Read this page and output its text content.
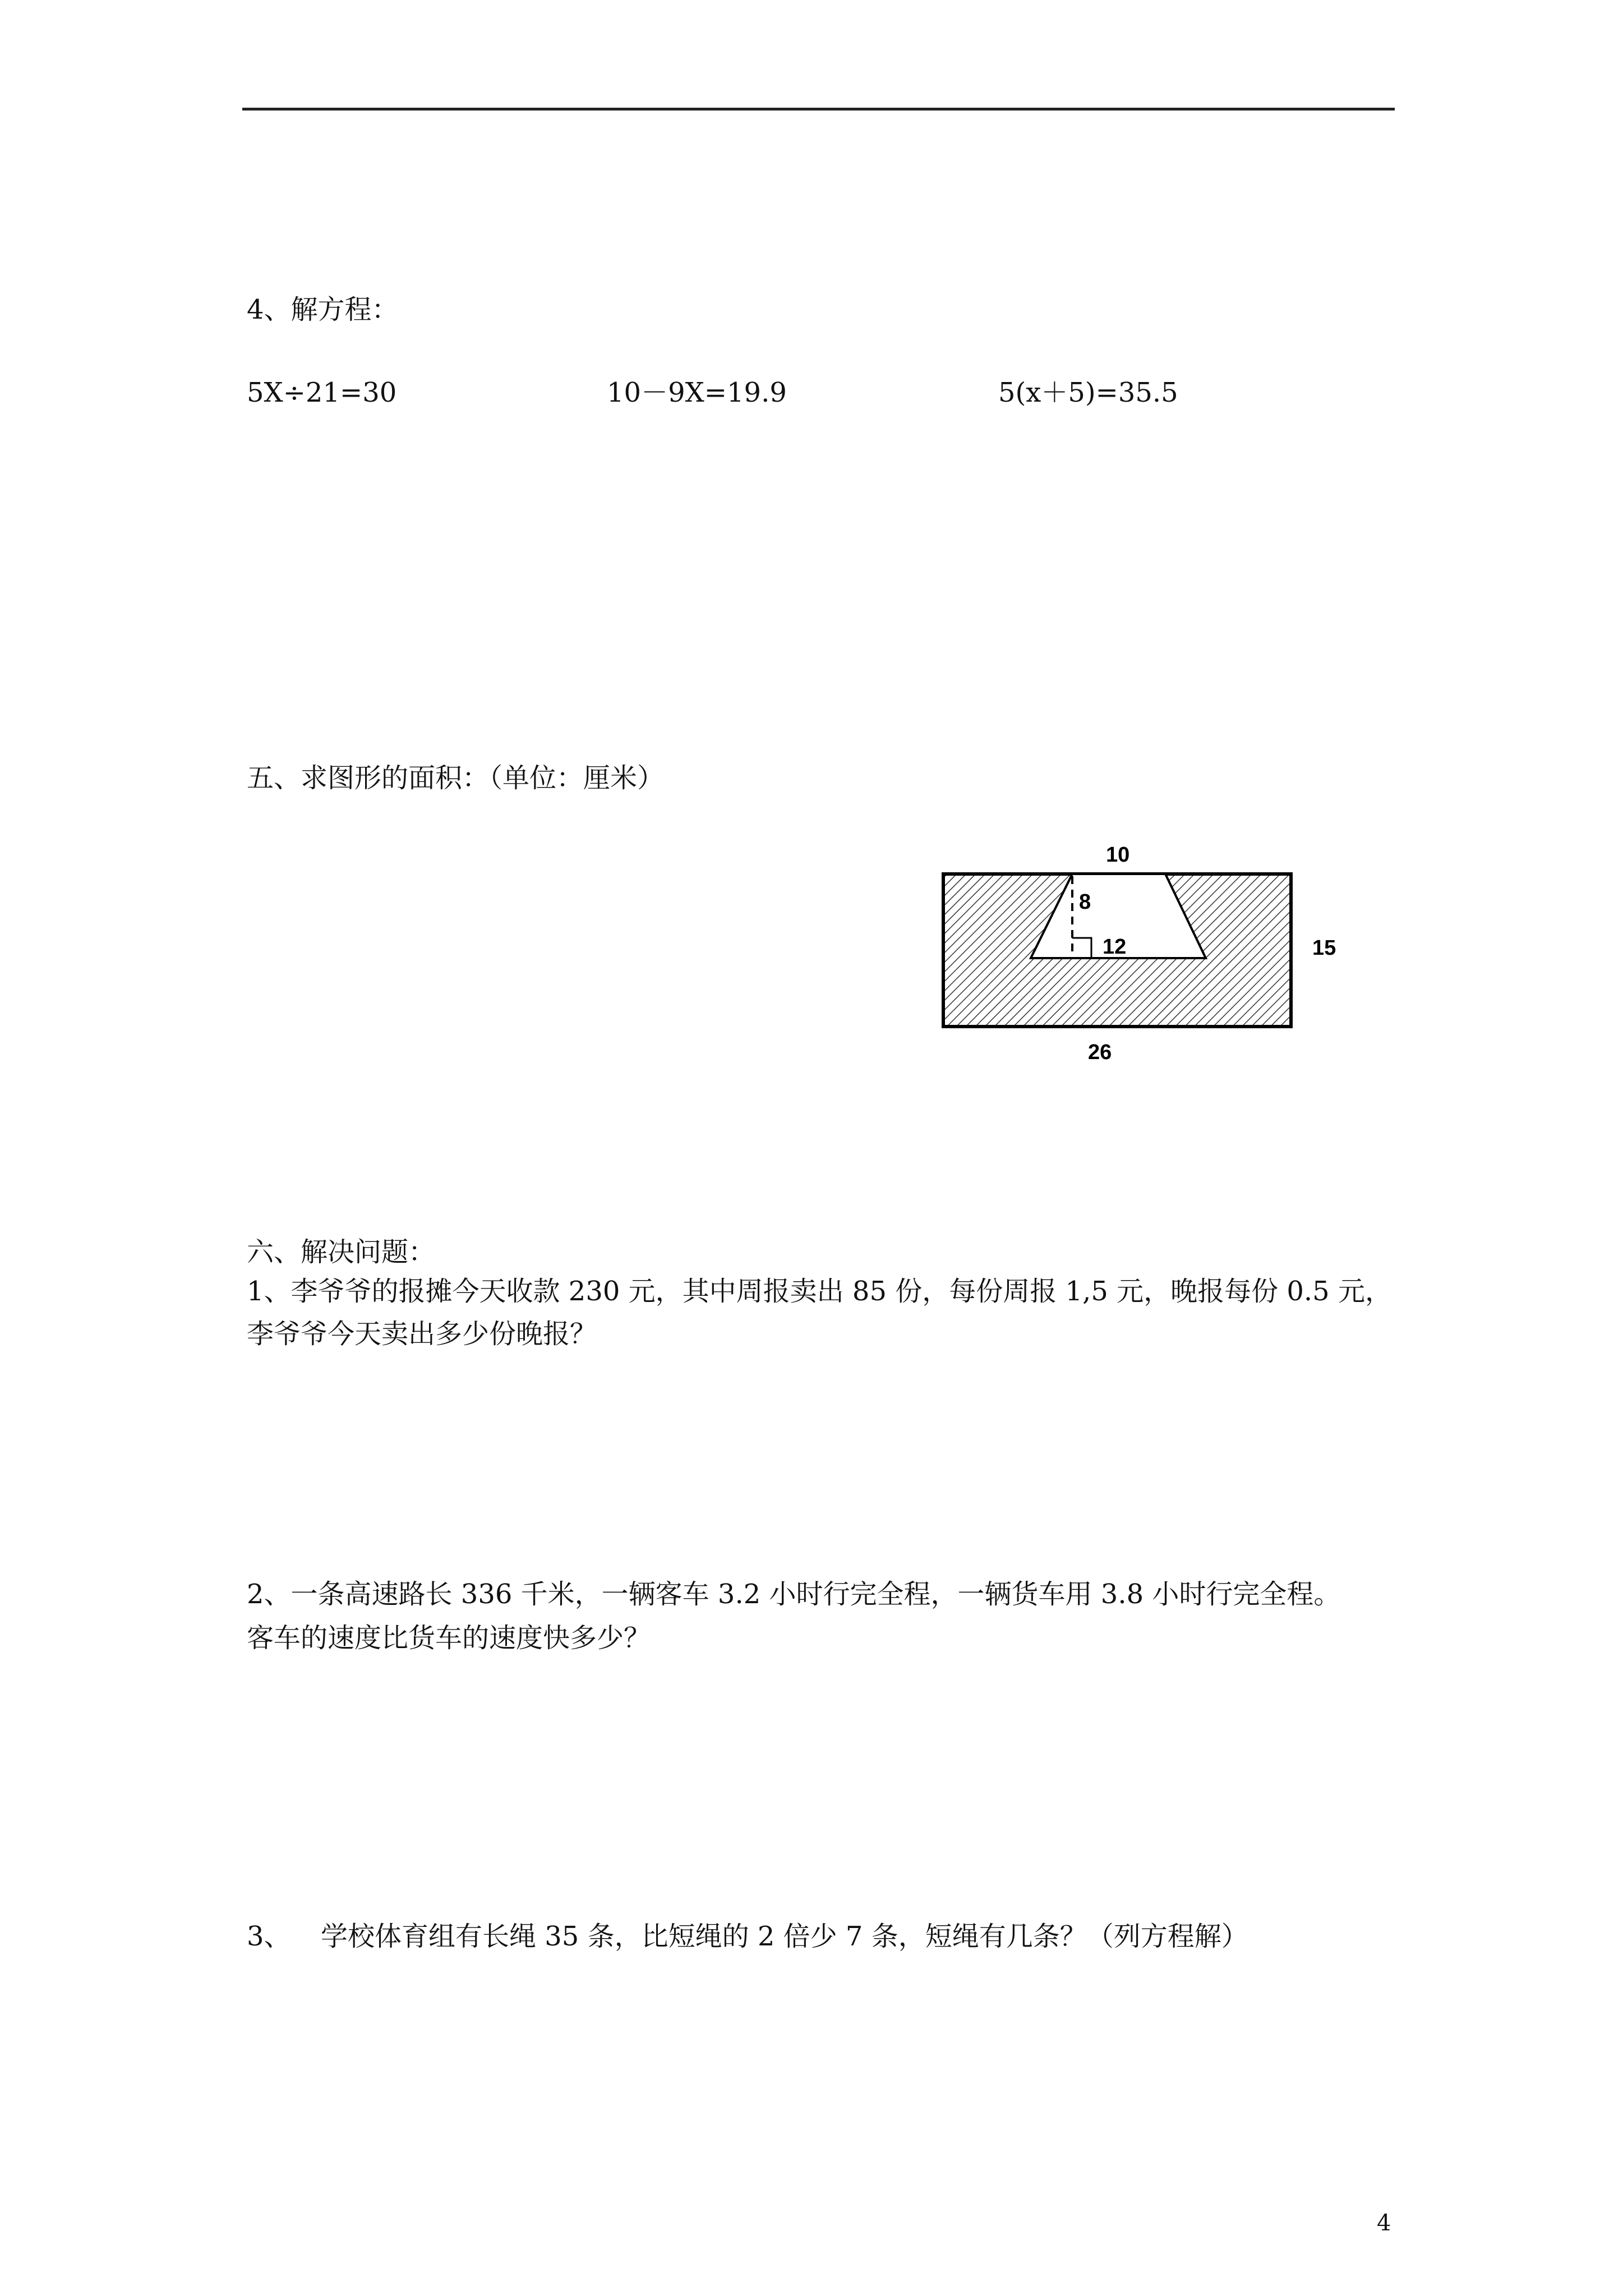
4、解方程：
5X÷21=30	10－9X=19.9	5(x＋5)=35.5
五、求图形的面积：（单位：厘米）
10
8
12	15
26
六、解决问题：
1、李爷爷的报摊今天收款 230 元，其中周报卖出 85 份，每份周报 1,5 元，晚报每份 0.5 元，
李爷爷今天卖出多少份晚报？
2、一条高速路长 336 千米，一辆客车 3.2 小时行完全程，一辆货车用 3.8 小时行完全程。
客车的速度比货车的速度快多少？
3、 学校体育组有长绳 35 条，比短绳的 2 倍少 7 条，短绳有几条？（列方程解）
4
